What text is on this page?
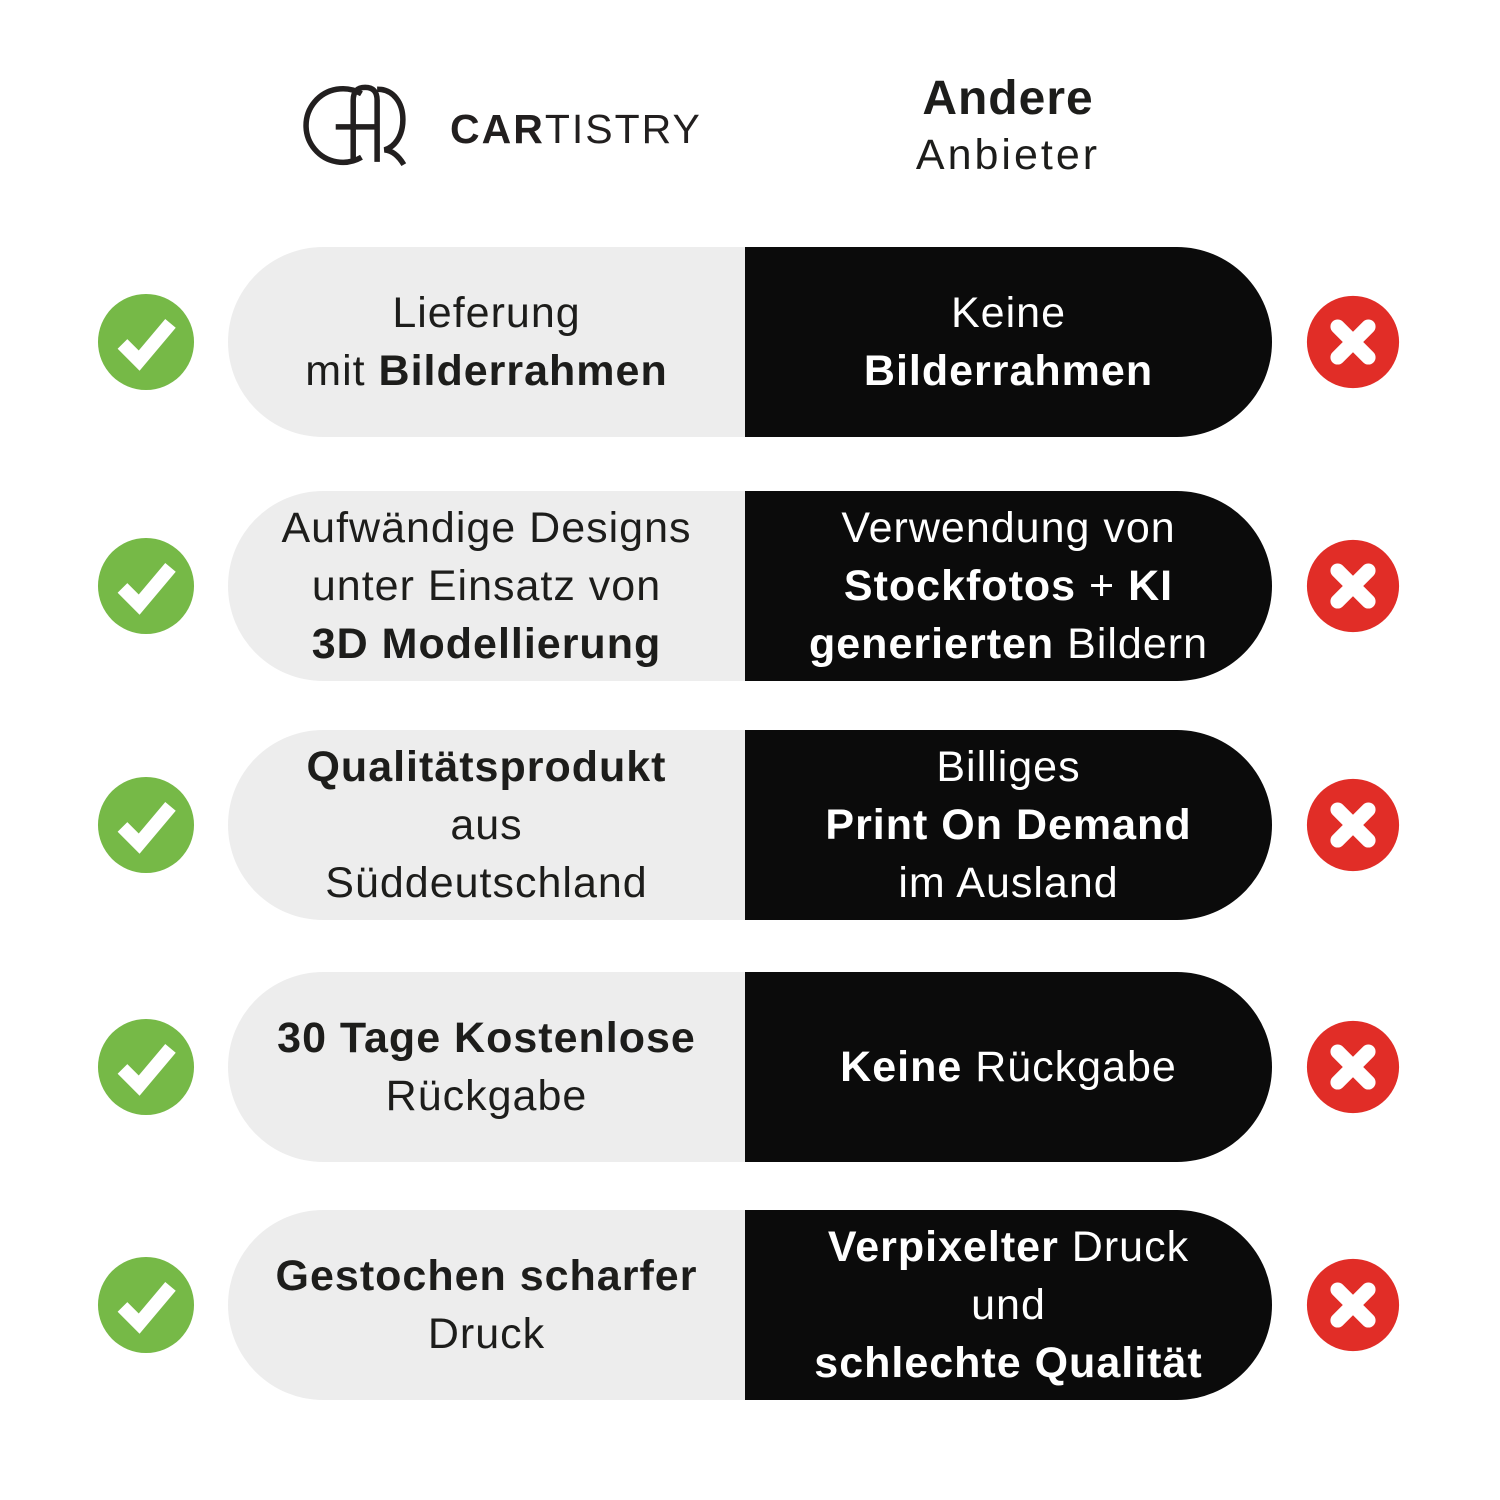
CARTISTRY
Andere
Anbieter
Lieferung
mit Bilderrahmen
Keine
Bilderrahmen
Aufwändige Designs
unter Einsatz von
3D Modellierung
Verwendung von
Stockfotos + KI
generierten Bildern
Qualitätsprodukt
aus
Süddeutschland
Billiges
Print On Demand
im Ausland
30 Tage Kostenlose
Rückgabe
Keine Rückgabe
Gestochen scharfer
Druck
Verpixelter Druck
und
schlechte Qualität
